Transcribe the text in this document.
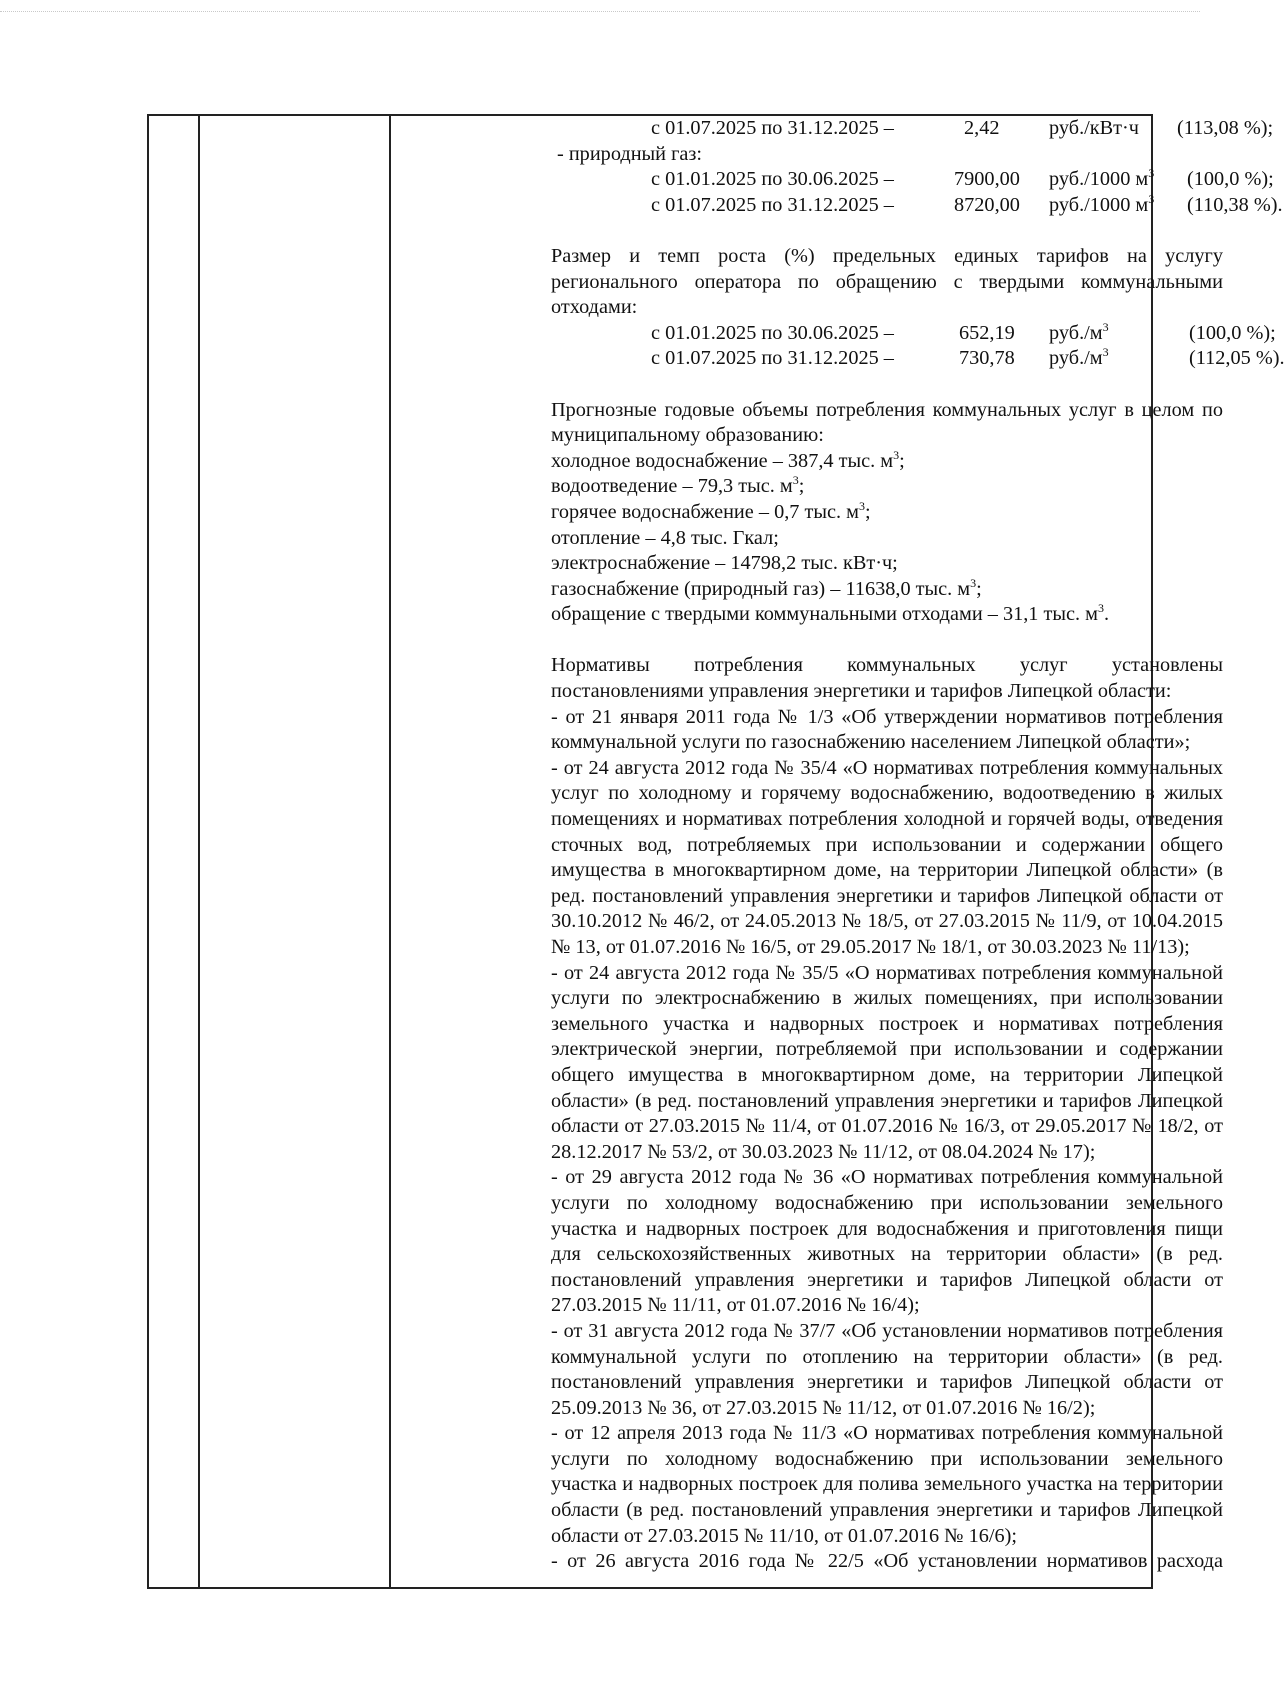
с 01.07.2025 по 31.12.2025 –	2,42 руб./кВт·ч (113,08 %);
- природный газ:
с 01.01.2025 по 30.06.2025 –	7900,00 руб./1000 $м^3$ (100,0 %);
с 01.07.2025 по 31.12.2025 –	8720,00 руб./1000 $м^3$ (110,38 %).
Размер и темп роста (%) предельных единых тарифов на услугу
регионального оператора по обращению с твердыми коммунальными
отходами:
с 01.01.2025 по 30.06.2025 –	652,19 $руб./м^3$	(100,0 %);
с 01.07.2025 по 31.12.2025 –	730,78 $руб./м^3$	(112,05 %).
Прогнозные годовые объемы потребления коммунальных услуг в целом по
муниципальному образованию:
холодное водоснабжение – 387,4 тыс. $м^3$;
водоотведение – 79,3 тыс. $м^3$;
горячее водоснабжение – 0,7 тыс. $м^3$;
отопление – 4,8 тыс. Гкал;
электроснабжение – 14798,2 тыс. кВт·ч;
газоснабжение (природный газ) – 11638,0 тыс. $м^3$;
обращение с твердыми коммунальными отходами – 31,1 тыс. $м^3$.
Нормативы потребления коммунальных услуг установлены
постановлениями управления энергетики и тарифов Липецкой области:
- от 21 января 2011 года № 1/3 «Об утверждении нормативов потребления
коммунальной услуги по газоснабжению населением Липецкой области»;
- от 24 августа 2012 года № 35/4 «О нормативах потребления коммунальных
услуг по холодному и горячему водоснабжению, водоотведению в жилых
помещениях и нормативах потребления холодной и горячей воды, отведения
сточных вод, потребляемых при использовании и содержании общего
имущества в многоквартирном доме, на территории Липецкой области» (в
ред. постановлений управления энергетики и тарифов Липецкой области от
30.10.2012 № 46/2, от 24.05.2013 № 18/5, от 27.03.2015 № 11/9, от 10.04.2015
№ 13, от 01.07.2016 № 16/5, от 29.05.2017 № 18/1, от 30.03.2023 № 11/13);
- от 24 августа 2012 года № 35/5 «О нормативах потребления коммунальной
услуги по электроснабжению в жилых помещениях, при использовании
земельного участка и надворных построек и нормативах потребления
электрической энергии, потребляемой при использовании и содержании
общего имущества в многоквартирном доме, на территории Липецкой
области» (в ред. постановлений управления энергетики и тарифов Липецкой
области от 27.03.2015 № 11/4, от 01.07.2016 № 16/3, от 29.05.2017 № 18/2, от
28.12.2017 № 53/2, от 30.03.2023 № 11/12, от 08.04.2024 № 17);
- от 29 августа 2012 года № 36 «О нормативах потребления коммунальной
услуги по холодному водоснабжению при использовании земельного
участка и надворных построек для водоснабжения и приготовления пищи
для сельскохозяйственных животных на территории области» (в ред.
постановлений управления энергетики и тарифов Липецкой области от
27.03.2015 № 11/11, от 01.07.2016 № 16/4);
- от 31 августа 2012 года № 37/7 «Об установлении нормативов потребления
коммунальной услуги по отоплению на территории области» (в ред.
постановлений управления энергетики и тарифов Липецкой области от
25.09.2013 № 36, от 27.03.2015 № 11/12, от 01.07.2016 № 16/2);
- от 12 апреля 2013 года № 11/3 «О нормативах потребления коммунальной
услуги по холодному водоснабжению при использовании земельного
участка и надворных построек для полива земельного участка на территории
области (в ред. постановлений управления энергетики и тарифов Липецкой
области от 27.03.2015 № 11/10, от 01.07.2016 № 16/6);
- от 26 августа 2016 года № 22/5 «Об установлении нормативов расхода
